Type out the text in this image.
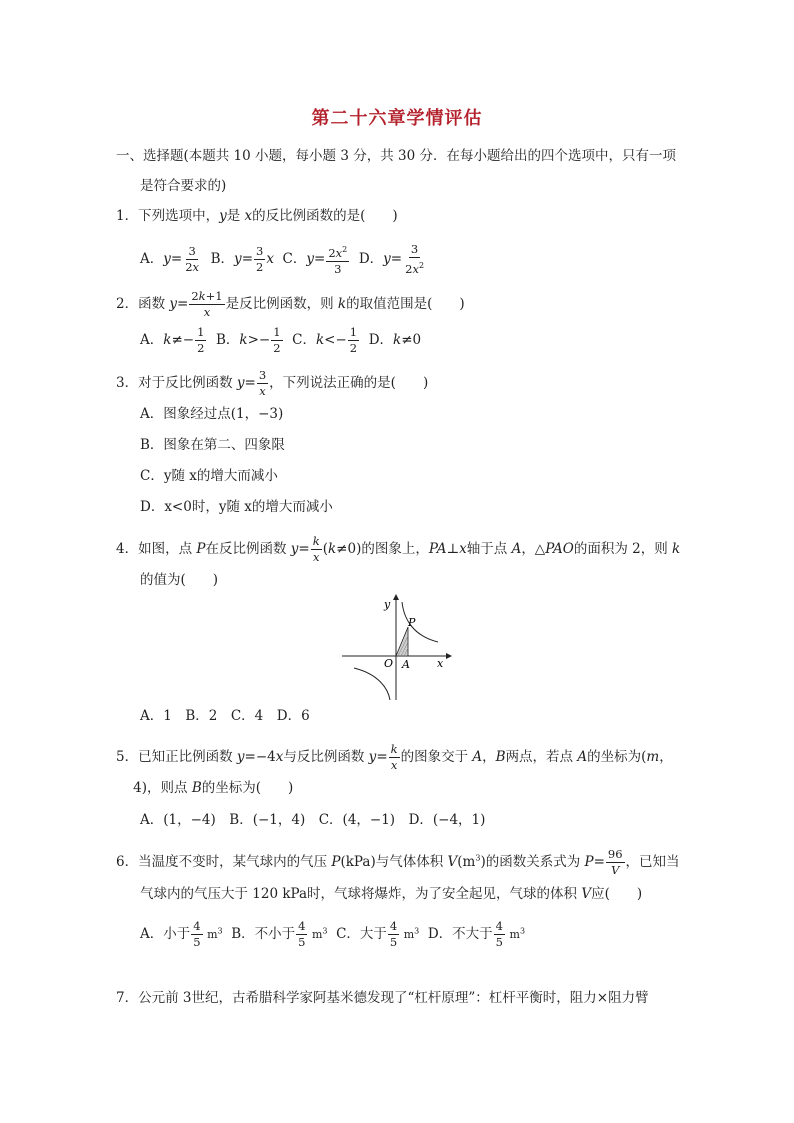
第二十六章学情评估
一、选择题(本题共 10 小题，每小题 3 分，共 30 分．在每小题给出的四个选项中，只有一项
是符合要求的)
1．下列选项中，y是 x的反比例函数的是(　　)
A．$y= \frac{3}{2x}$ B．$y= \frac{3}{2}$ x  C．$y= \frac{2x^2}{3}$ D．$y= \frac{3}{2x^2}$
2．函数 $y= \frac{2k+1}{x}$ 是反比例函数，则 k的取值范围是(　　)
A．$k\ne- \frac{1}{2}$ B．$k>- \frac{1}{2}$ C．$k<- \frac{1}{2}$ D．k≠0
3．对于反比例函数 $y= \frac{3}{x}$ ，下列说法正确的是(　　)
A．图象经过点(1，−3)
B．图象在第二、四象限
C．y随 x的增大而减小
D．x<0时，y随 x的增大而减小
4．如图，点 P在反比例函数 $y= \frac{k}{x} (k\ne 0)$的图象上，PA⊥x轴于点 A，△PAO的面积为 2，则 k
的值为(　　)
y
x
O A
P
A．1　B．2　C．4　D．6
5．已知正比例函数 y=−4x与反比例函数 $y= \frac{k}{x}$ 的图象交于 A，B两点，若点 A的坐标为(m，
4)，则点 B的坐标为(　　)
A．(1，−4)　B．(−1，4)　C．(4，−1)　D．(−4，1)
6．当温度不变时，某气球内的气压 P(kPa)与气体体积 $V(m^3)$的函数关系式为 $P= \frac{96}{V}$ ，已知当
气球内的气压大于 120 kPa时，气球将爆炸，为了安全起见，气球的体积 V应(　　)
A．小于 $\frac{4}{5} m^3$  B．不小于 $\frac{4}{5} m^3$  C．大于 $\frac{4}{5} m^3$  D．不大于 $\frac{4}{5} m^3$
7．公元前 3世纪，古希腊科学家阿基米德发现了“杠杆原理”：杠杆平衡时，阻力×阻力臂
